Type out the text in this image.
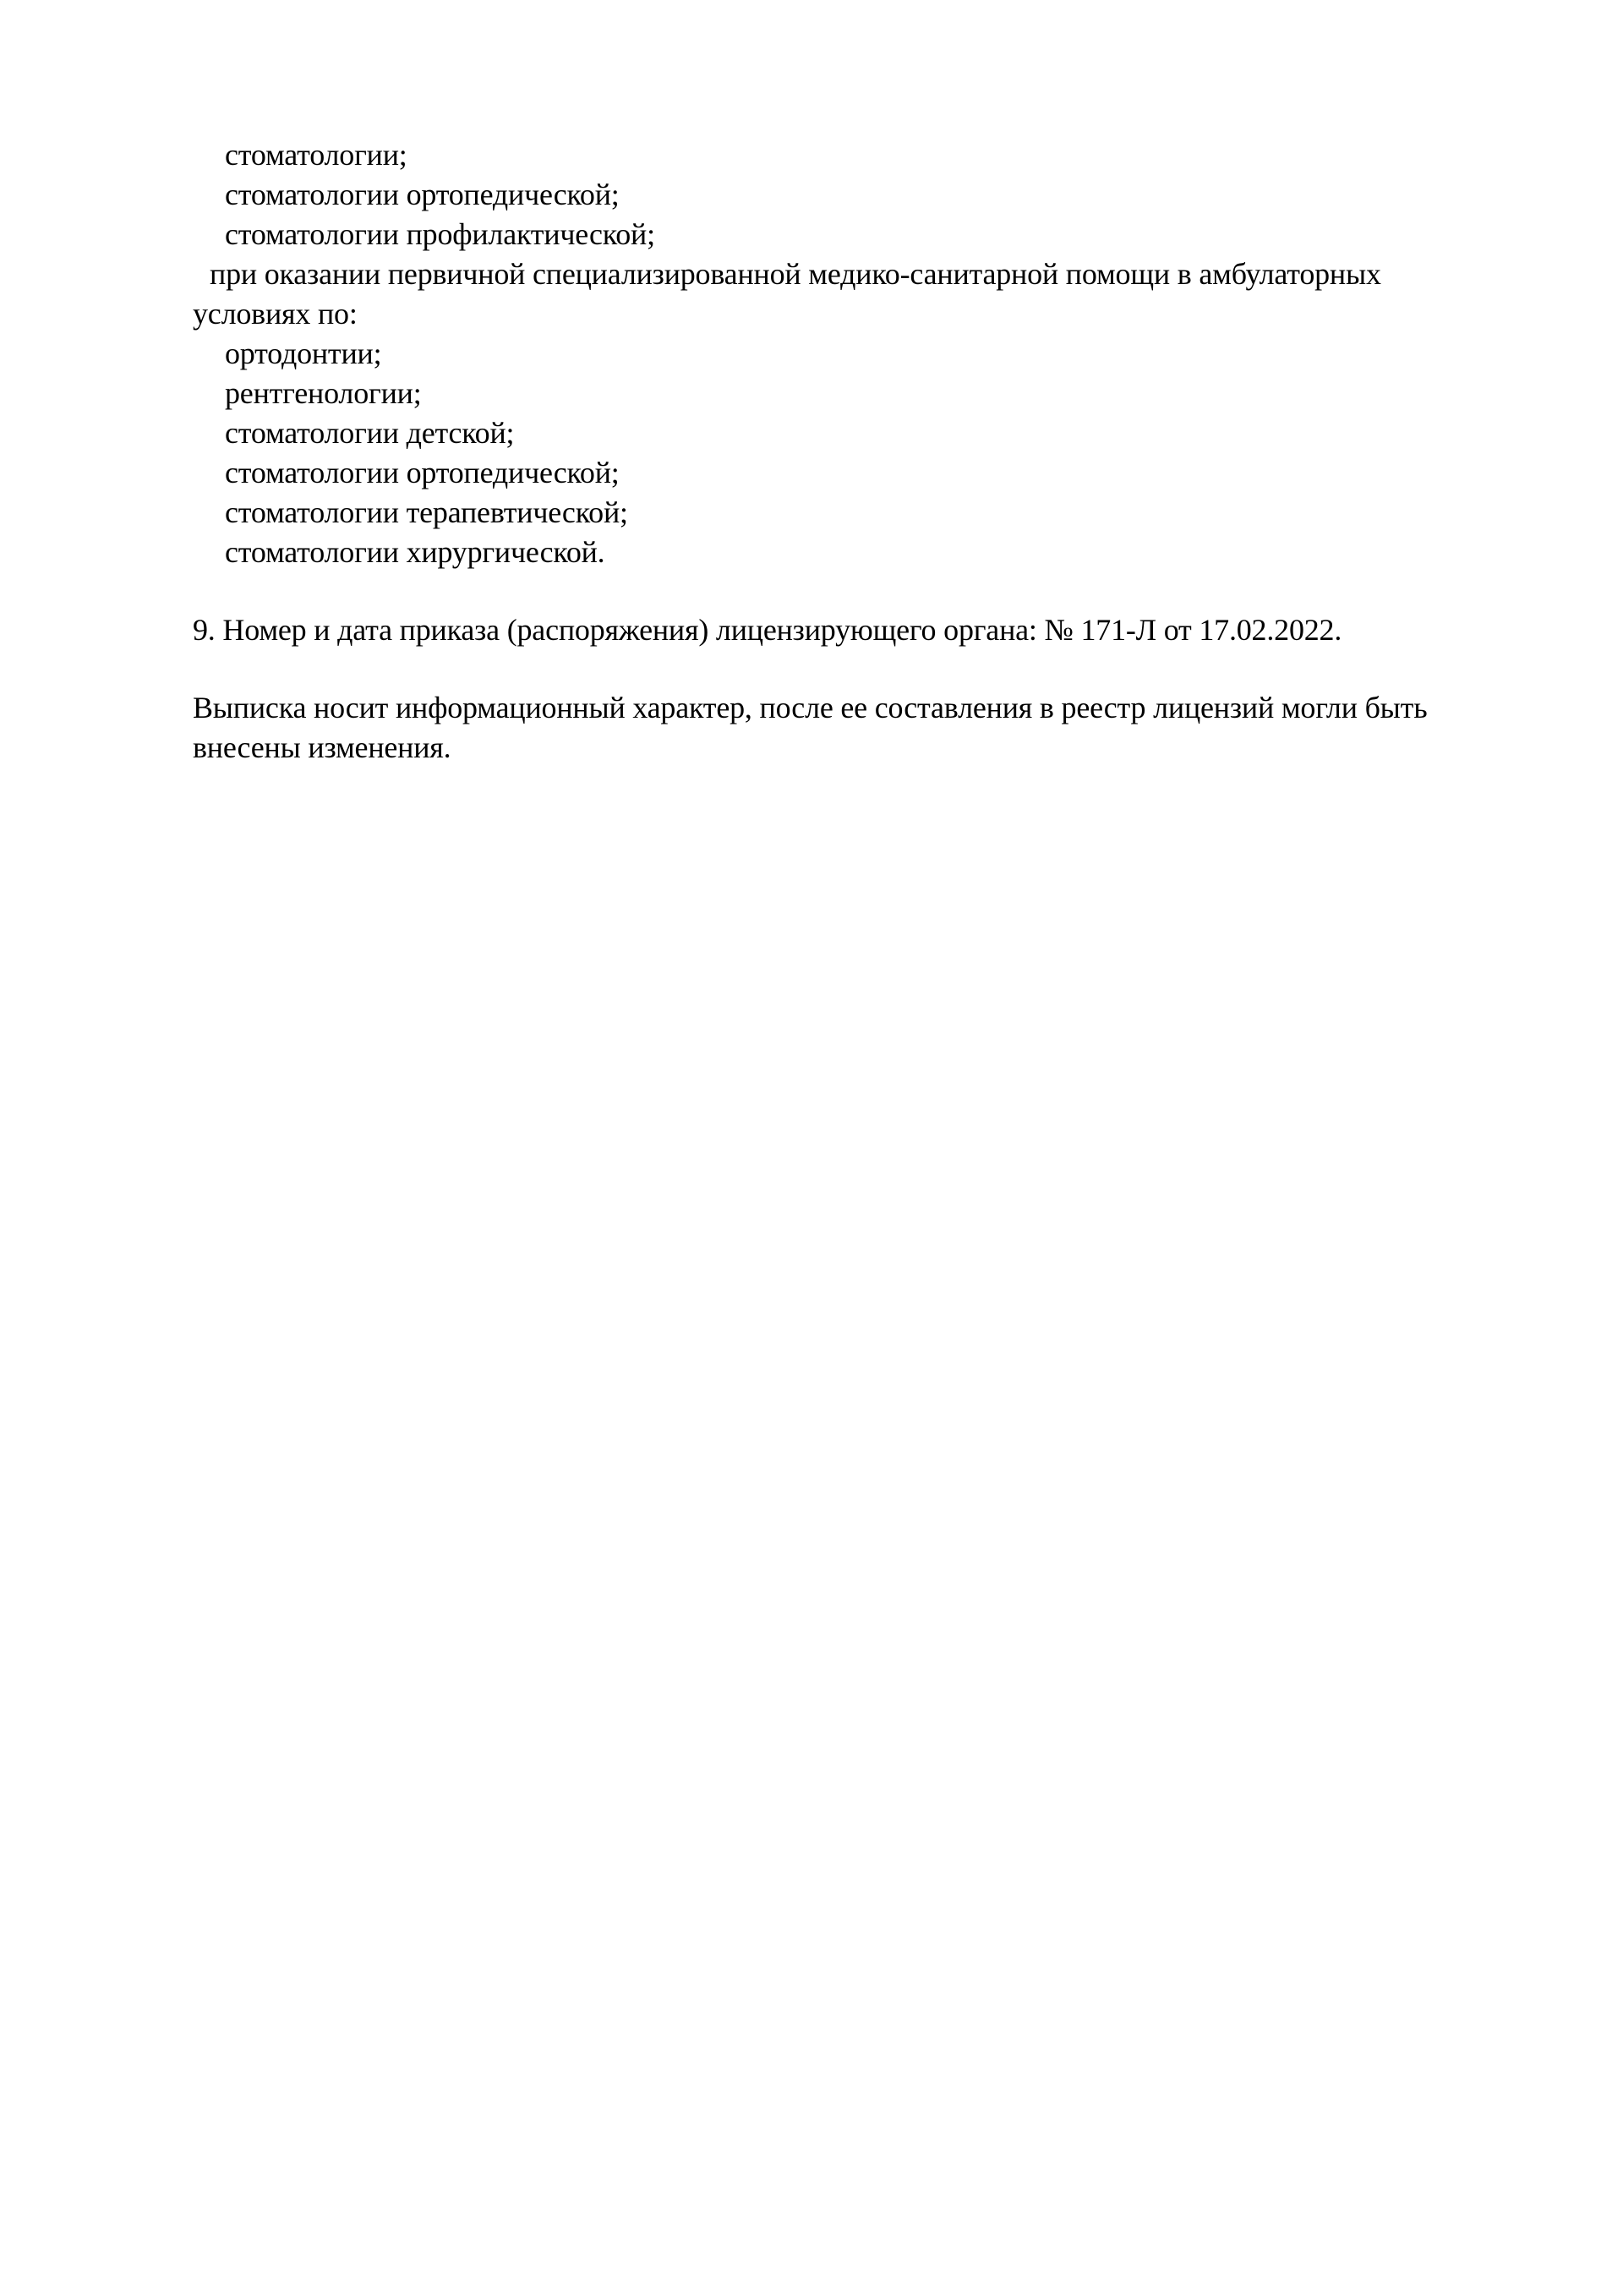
стоматологии;
стоматологии ортопедической;
стоматологии профилактической;
при оказании первичной специализированной медико-санитарной помощи в амбулаторных
условиях по:
ортодонтии;
рентгенологии;
стоматологии детской;
стоматологии ортопедической;
стоматологии терапевтической;
стоматологии хирургической.
9. Номер и дата приказа (распоряжения) лицензирующего органа: № 171-Л от 17.02.2022.
Выписка носит информационный характер, после ее составления в реестр лицензий могли быть
внесены изменения.
